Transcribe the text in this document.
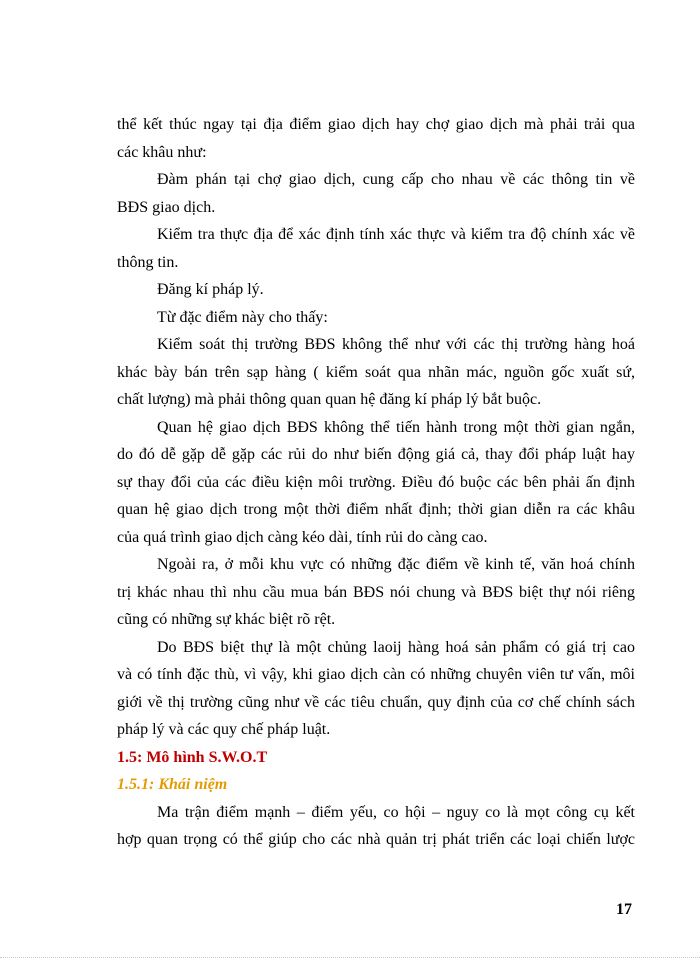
thể kết thúc ngay tại địa điểm giao dịch hay chợ giao dịch mà phải trải qua
các khâu như:
Đàm phán tại chợ giao dịch, cung cấp cho nhau về các thông tin về
BĐS giao dịch.
Kiểm tra thực địa để xác định tính xác thực và kiểm tra độ chính xác về
thông tin.
Đăng kí pháp lý.
Từ đặc điểm này cho thấy:
Kiểm soát thị trường BĐS không thể như với các thị trường hàng hoá
khác bày bán trên sạp hàng ( kiểm soát qua nhãn mác, nguồn gốc xuất sứ,
chất lượng) mà phải thông quan quan hệ đăng kí pháp lý bắt buộc.
Quan hệ giao dịch BĐS không thể tiến hành trong một thời gian ngắn,
do đó dễ gặp dễ gặp các rủi do như biến động giá cả, thay đổi pháp luật hay
sự thay đổi của các điều kiện môi trường. Điều đó buộc các bên phải ấn định
quan hệ giao dịch trong một thời điểm nhất định; thời gian diễn ra các khâu
của quá trình giao dịch càng kéo dài, tính rủi do càng cao.
Ngoài ra, ở mỗi khu vực có những đặc điểm về kinh tế, văn hoá chính
trị khác nhau thì nhu cầu mua bán BĐS nói chung và BĐS biệt thự nói riêng
cũng có những sự khác biệt rõ rệt.
Do BĐS biệt thự là một chủng laoij hàng hoá sản phẩm có giá trị cao
và có tính đặc thù, vì vậy, khi giao dịch càn có những chuyên viên tư vấn, môi
giới về thị trường cũng như về các tiêu chuẩn, quy định của cơ chế chính sách
pháp lý và các quy chế pháp luật.
1.5: Mô hình S.W.O.T
1.5.1: Khái niệm
Ma trận điểm mạnh – điểm yếu, co hội – nguy co là mọt công cụ kết
hợp quan trọng có thể giúp cho các nhà quản trị phát triển các loại chiến lược
17
